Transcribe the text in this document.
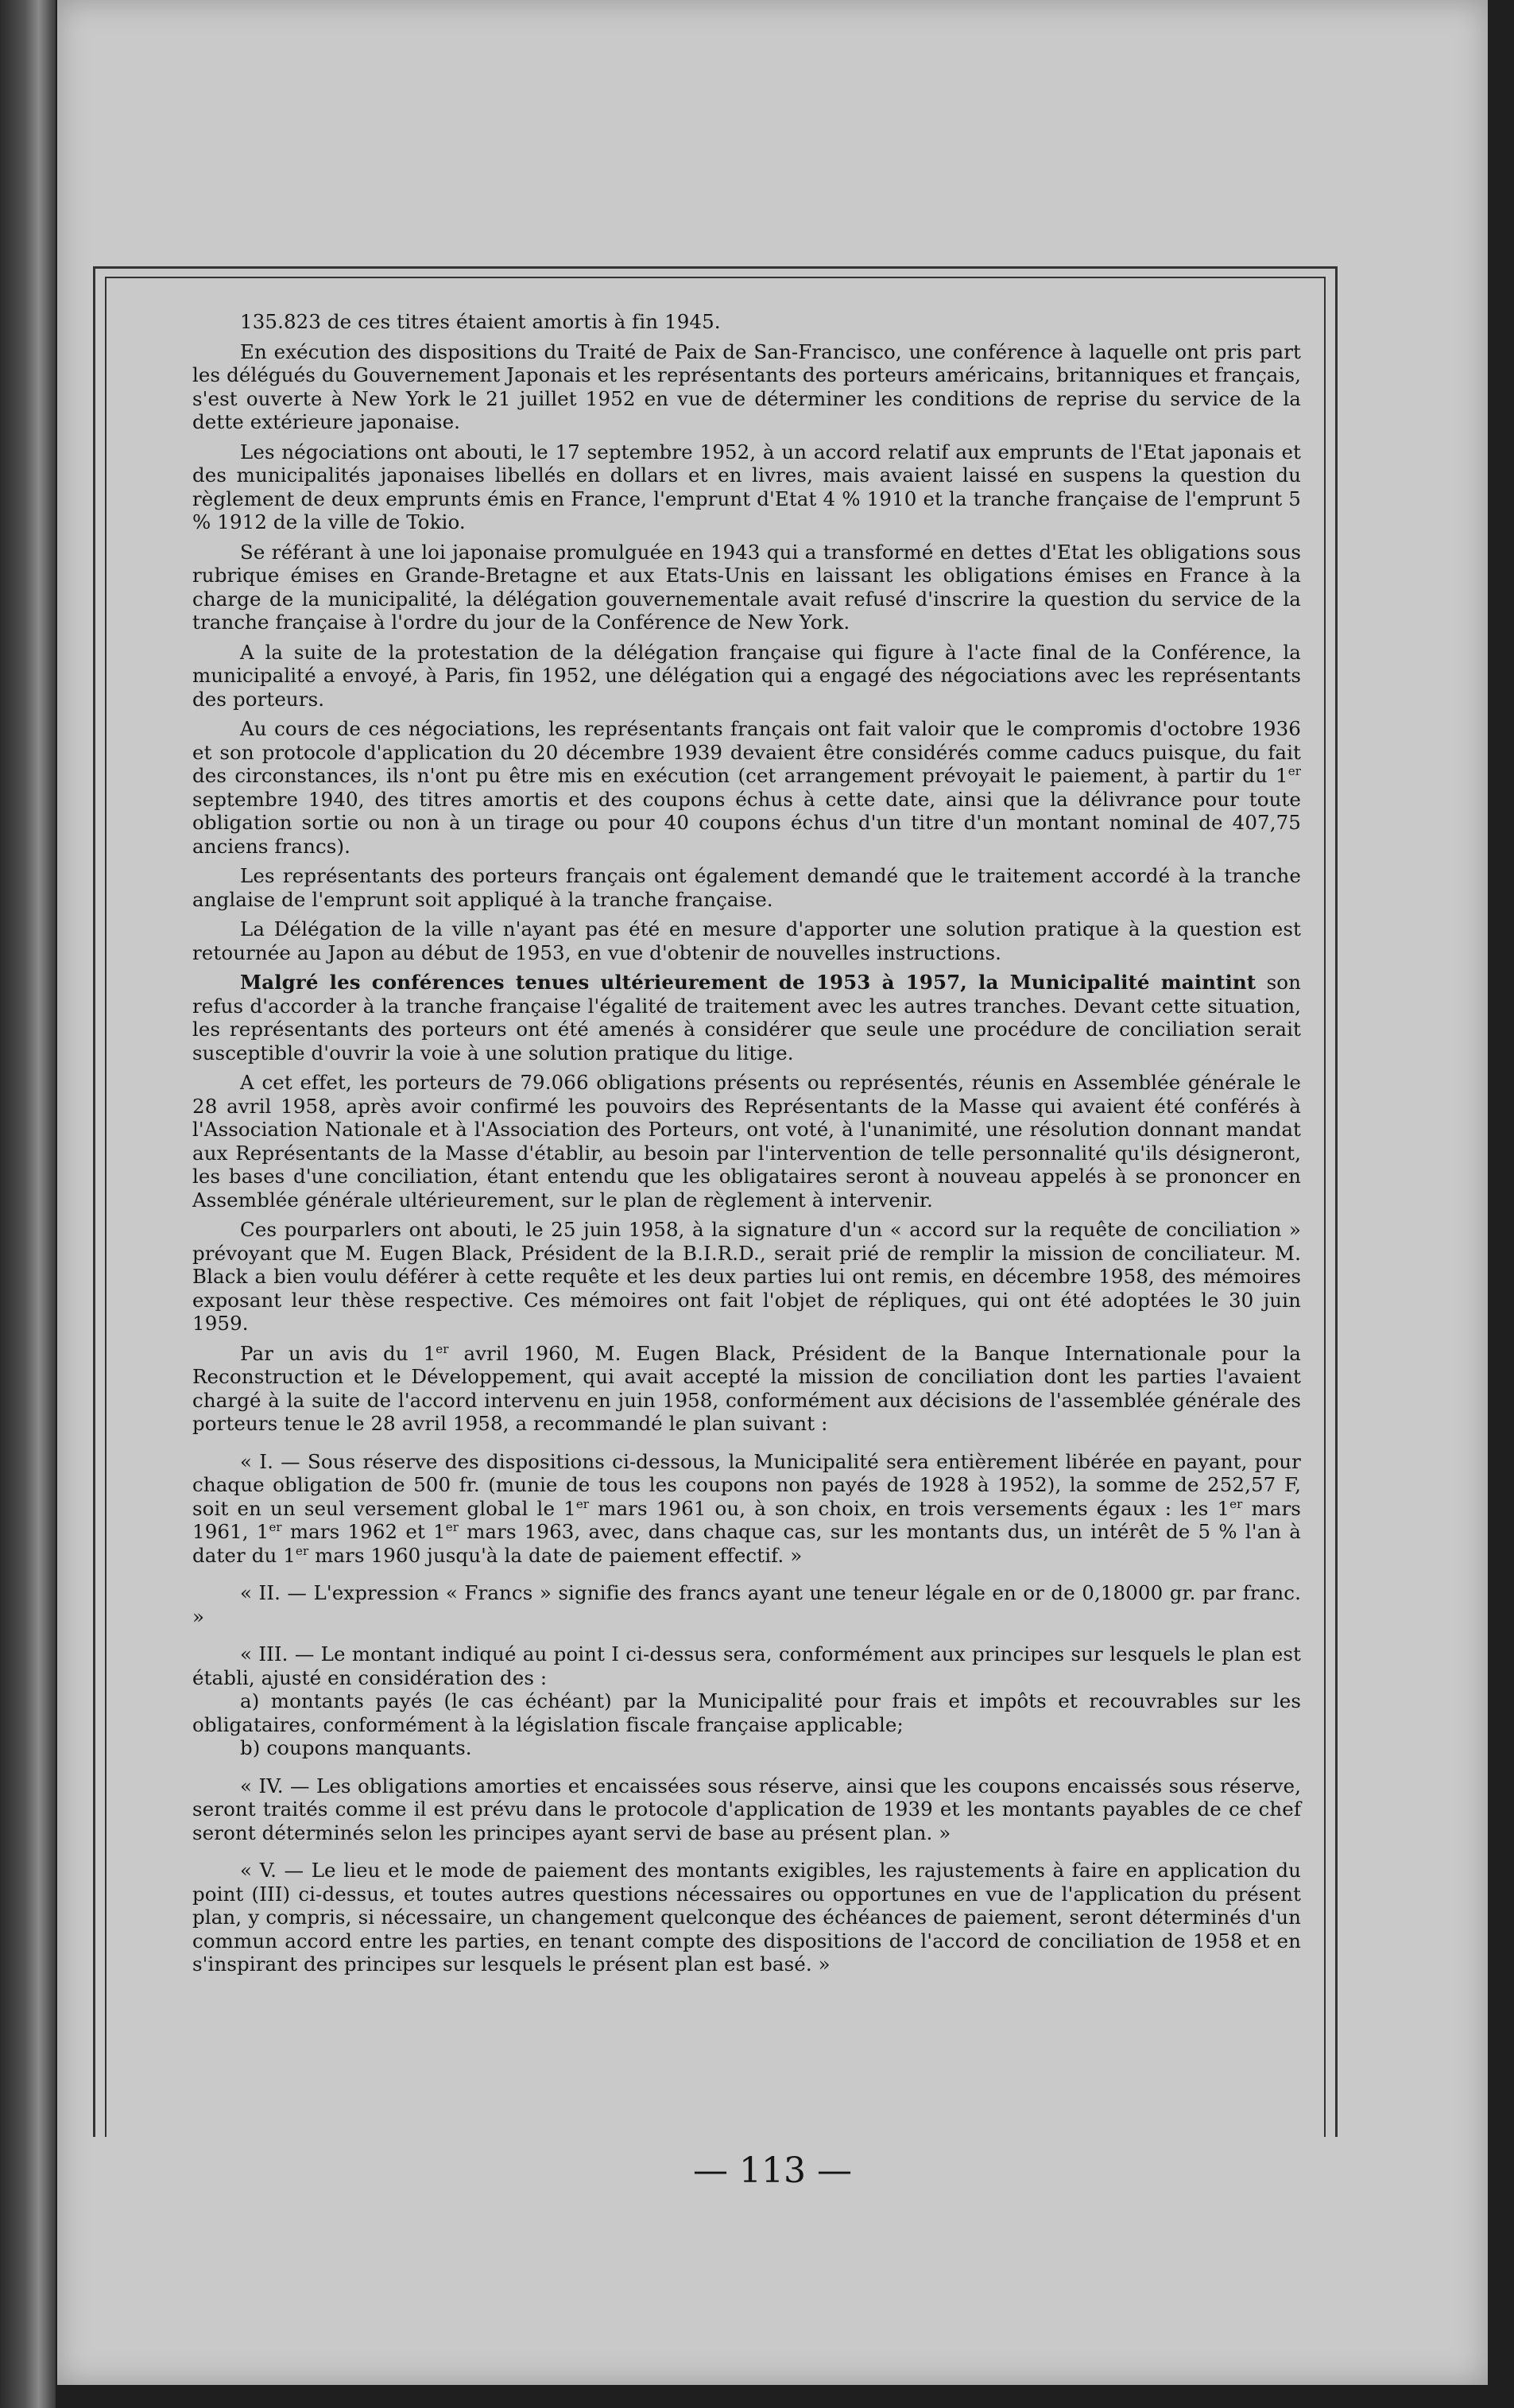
135.823 de ces titres étaient amortis à fin 1945.

En exécution des dispositions du Traité de Paix de San-Francisco, une conférence à laquelle ont pris part les délégués du Gouvernement Japonais et les représentants des porteurs américains, britanniques et français, s'est ouverte à New York le 21 juillet 1952 en vue de déterminer les conditions de reprise du service de la dette extérieure japonaise.

Les négociations ont abouti, le 17 septembre 1952, à un accord relatif aux emprunts de l'Etat japonais et des municipalités japonaises libellés en dollars et en livres, mais avaient laissé en suspens la question du règlement de deux emprunts émis en France, l'emprunt d'Etat 4 % 1910 et la tranche française de l'emprunt 5 % 1912 de la ville de Tokio.

Se référant à une loi japonaise promulguée en 1943 qui a transformé en dettes d'Etat les obligations sous rubrique émises en Grande-Bretagne et aux Etats-Unis en laissant les obligations émises en France à la charge de la municipalité, la délégation gouvernementale avait refusé d'inscrire la question du service de la tranche française à l'ordre du jour de la Conférence de New York.

A la suite de la protestation de la délégation française qui figure à l'acte final de la Conférence, la municipalité a envoyé, à Paris, fin 1952, une délégation qui a engagé des négociations avec les représentants des porteurs.

Au cours de ces négociations, les représentants français ont fait valoir que le compromis d'octobre 1936 et son protocole d'application du 20 décembre 1939 devaient être considérés comme caducs puisque, du fait des circonstances, ils n'ont pu être mis en exécution (cet arrangement prévoyait le paiement, à partir du 1er septembre 1940, des titres amortis et des coupons échus à cette date, ainsi que la délivrance pour toute obligation sortie ou non à un tirage ou pour 40 coupons échus d'un titre d'un montant nominal de 407,75 anciens francs).

Les représentants des porteurs français ont également demandé que le traitement accordé à la tranche anglaise de l'emprunt soit appliqué à la tranche française.

La Délégation de la ville n'ayant pas été en mesure d'apporter une solution pratique à la question est retournée au Japon au début de 1953, en vue d'obtenir de nouvelles instructions.

Malgré les conférences tenues ultérieurement de 1953 à 1957, la Municipalité maintint son refus d'accorder à la tranche française l'égalité de traitement avec les autres tranches. Devant cette situation, les représentants des porteurs ont été amenés à considérer que seule une procédure de conciliation serait susceptible d'ouvrir la voie à une solution pratique du litige.

A cet effet, les porteurs de 79.066 obligations présents ou représentés, réunis en Assemblée générale le 28 avril 1958, après avoir confirmé les pouvoirs des Représentants de la Masse qui avaient été conférés à l'Association Nationale et à l'Association des Porteurs, ont voté, à l'unanimité, une résolution donnant mandat aux Représentants de la Masse d'établir, au besoin par l'intervention de telle personnalité qu'ils désigneront, les bases d'une conciliation, étant entendu que les obligataires seront à nouveau appelés à se prononcer en Assemblée générale ultérieurement, sur le plan de règlement à intervenir.

Ces pourparlers ont abouti, le 25 juin 1958, à la signature d'un « accord sur la requête de conciliation » prévoyant que M. Eugen Black, Président de la B.I.R.D., serait prié de remplir la mission de conciliateur. M. Black a bien voulu déférer à cette requête et les deux parties lui ont remis, en décembre 1958, des mémoires exposant leur thèse respective. Ces mémoires ont fait l'objet de répliques, qui ont été adoptées le 30 juin 1959.

Par un avis du 1er avril 1960, M. Eugen Black, Président de la Banque Internationale pour la Reconstruction et le Développement, qui avait accepté la mission de conciliation dont les parties l'avaient chargé à la suite de l'accord intervenu en juin 1958, conformément aux décisions de l'assemblée générale des porteurs tenue le 28 avril 1958, a recommandé le plan suivant :

« I. — Sous réserve des dispositions ci-dessous, la Municipalité sera entièrement libérée en payant, pour chaque obligation de 500 fr. (munie de tous les coupons non payés de 1928 à 1952), la somme de 252,57 F, soit en un seul versement global le 1er mars 1961 ou, à son choix, en trois versements égaux : les 1er mars 1961, 1er mars 1962 et 1er mars 1963, avec, dans chaque cas, sur les montants dus, un intérêt de 5 % l'an à dater du 1er mars 1960 jusqu'à la date de paiement effectif. »

« II. — L'expression « Francs » signifie des francs ayant une teneur légale en or de 0,18000 gr. par franc. »

« III. — Le montant indiqué au point I ci-dessus sera, conformément aux principes sur lesquels le plan est établi, ajusté en considération des :

a) montants payés (le cas échéant) par la Municipalité pour frais et impôts et recouvrables sur les obligataires, conformément à la législation fiscale française applicable;

b) coupons manquants.

« IV. — Les obligations amorties et encaissées sous réserve, ainsi que les coupons encaissés sous réserve, seront traités comme il est prévu dans le protocole d'application de 1939 et les montants payables de ce chef seront déterminés selon les principes ayant servi de base au présent plan. »

« V. — Le lieu et le mode de paiement des montants exigibles, les rajustements à faire en application du point (III) ci-dessus, et toutes autres questions nécessaires ou opportunes en vue de l'application du présent plan, y compris, si nécessaire, un changement quelconque des échéances de paiement, seront déterminés d'un commun accord entre les parties, en tenant compte des dispositions de l'accord de conciliation de 1958 et en s'inspirant des principes sur lesquels le présent plan est basé. »

— 113 —
